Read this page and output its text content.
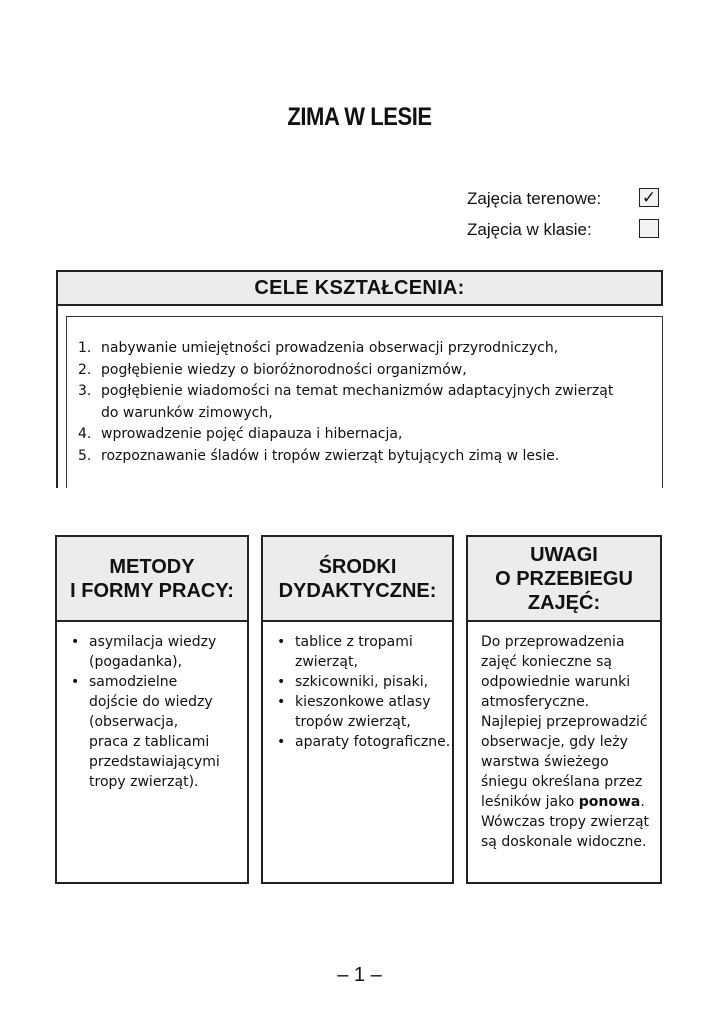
ZIMA W LESIE
Zajęcia terenowe: ✓
Zajęcia w klasie:
CELE KSZTAŁCENIA:
1. nabywanie umiejętności prowadzenia obserwacji przyrodniczych,
2. pogłębienie wiedzy o bioróżnorodności organizmów,
3. pogłębienie wiadomości na temat mechanizmów adaptacyjnych zwierząt
do warunków zimowych,
4. wprowadzenie pojęć diapauza i hibernacja,
5. rozpoznawanie śladów i tropów zwierząt bytujących zimą w lesie.
METODY
I FORMY PRACY:
• asymilacja wiedzy
(pogadanka),
• samodzielne
dojście do wiedzy
(obserwacja,
praca z tablicami
przedstawiającymi
tropy zwierząt).
ŚRODKI
DYDAKTYCZNE:
• tablice z tropami
zwierząt,
• szkicowniki, pisaki,
• kieszonkowe atlasy
tropów zwierząt,
• aparaty fotograficzne.
UWAGI
O PRZEBIEGU
ZAJĘĆ:
Do przeprowadzenia
zajęć konieczne są
odpowiednie warunki
atmosferyczne.
Najlepiej przeprowadzić
obserwacje, gdy leży
warstwa świeżego
śniegu określana przez
leśników jako ponowa.
Wówczas tropy zwierząt
są doskonale widoczne.
– 1 –
